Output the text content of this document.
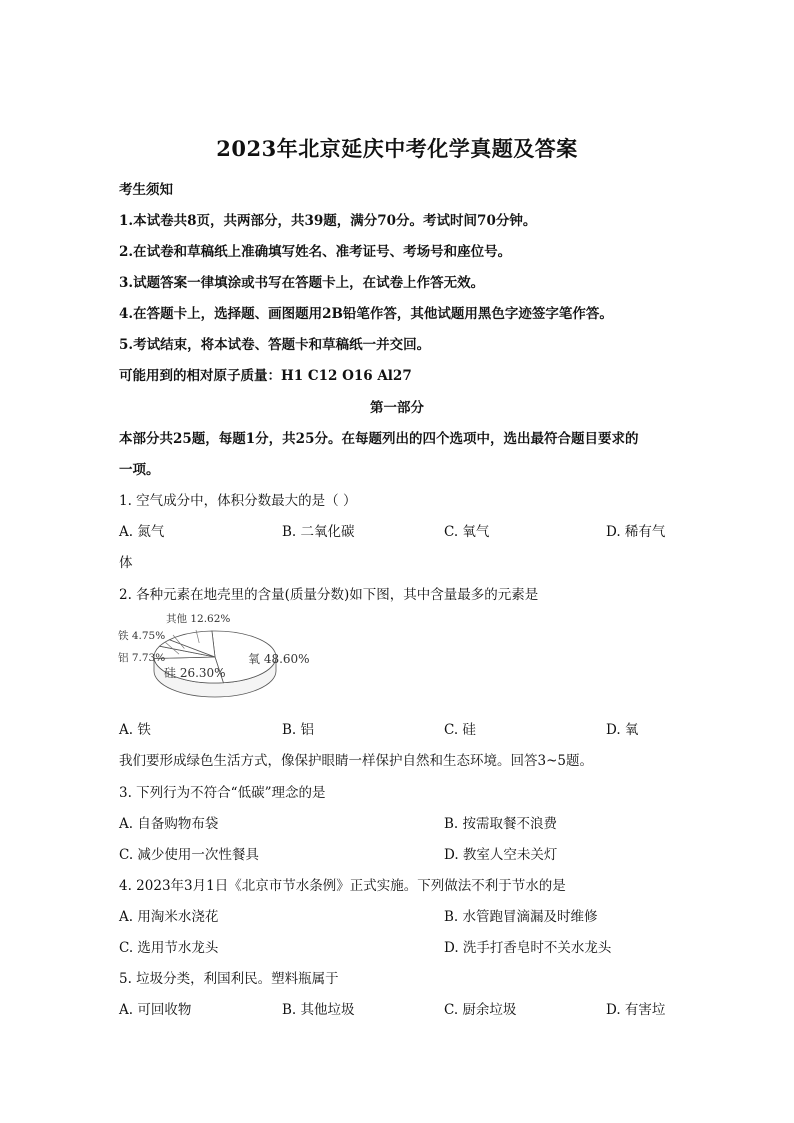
2023年北京延庆中考化学真题及答案
考生须知
1.本试卷共8页，共两部分，共39题，满分70分。考试时间70分钟。
2.在试卷和草稿纸上准确填写姓名、准考证号、考场号和座位号。
3.试题答案一律填涂或书写在答题卡上，在试卷上作答无效。
4.在答题卡上，选择题、画图题用2B铅笔作答，其他试题用黑色字迹签字笔作答。
5.考试结束，将本试卷、答题卡和草稿纸一并交回。
可能用到的相对原子质量：H1 C12 O16 Al27
第一部分
本部分共25题，每题1分，共25分。在每题列出的四个选项中，选出最符合题目要求的
一项。
1. 空气成分中，体积分数最大的是（ ）
A. 氮气	B. 二氧化碳	C. 氧气	D. 稀有气
体
2. 各种元素在地壳里的含量(质量分数)如下图，其中含量最多的元素是
氧 48.60%
硅 26.30%
铝 7.73%
铁 4.75%
其他 12.62%
A. 铁	B. 铝	C. 硅	D. 氧
我们要形成绿色生活方式，像保护眼睛一样保护自然和生态环境。回答3~5题。
3. 下列行为不符合“低碳”理念的是
A. 自备购物布袋	B. 按需取餐不浪费
C. 减少使用一次性餐具	D. 教室人空未关灯
4. 2023年3月1日《北京市节水条例》正式实施。下列做法不利于节水的是
A. 用淘米水浇花	B. 水管跑冒滴漏及时维修
C. 选用节水龙头	D. 洗手打香皂时不关水龙头
5. 垃圾分类，利国利民。塑料瓶属于
A. 可回收物	B. 其他垃圾	C. 厨余垃圾	D. 有害垃
